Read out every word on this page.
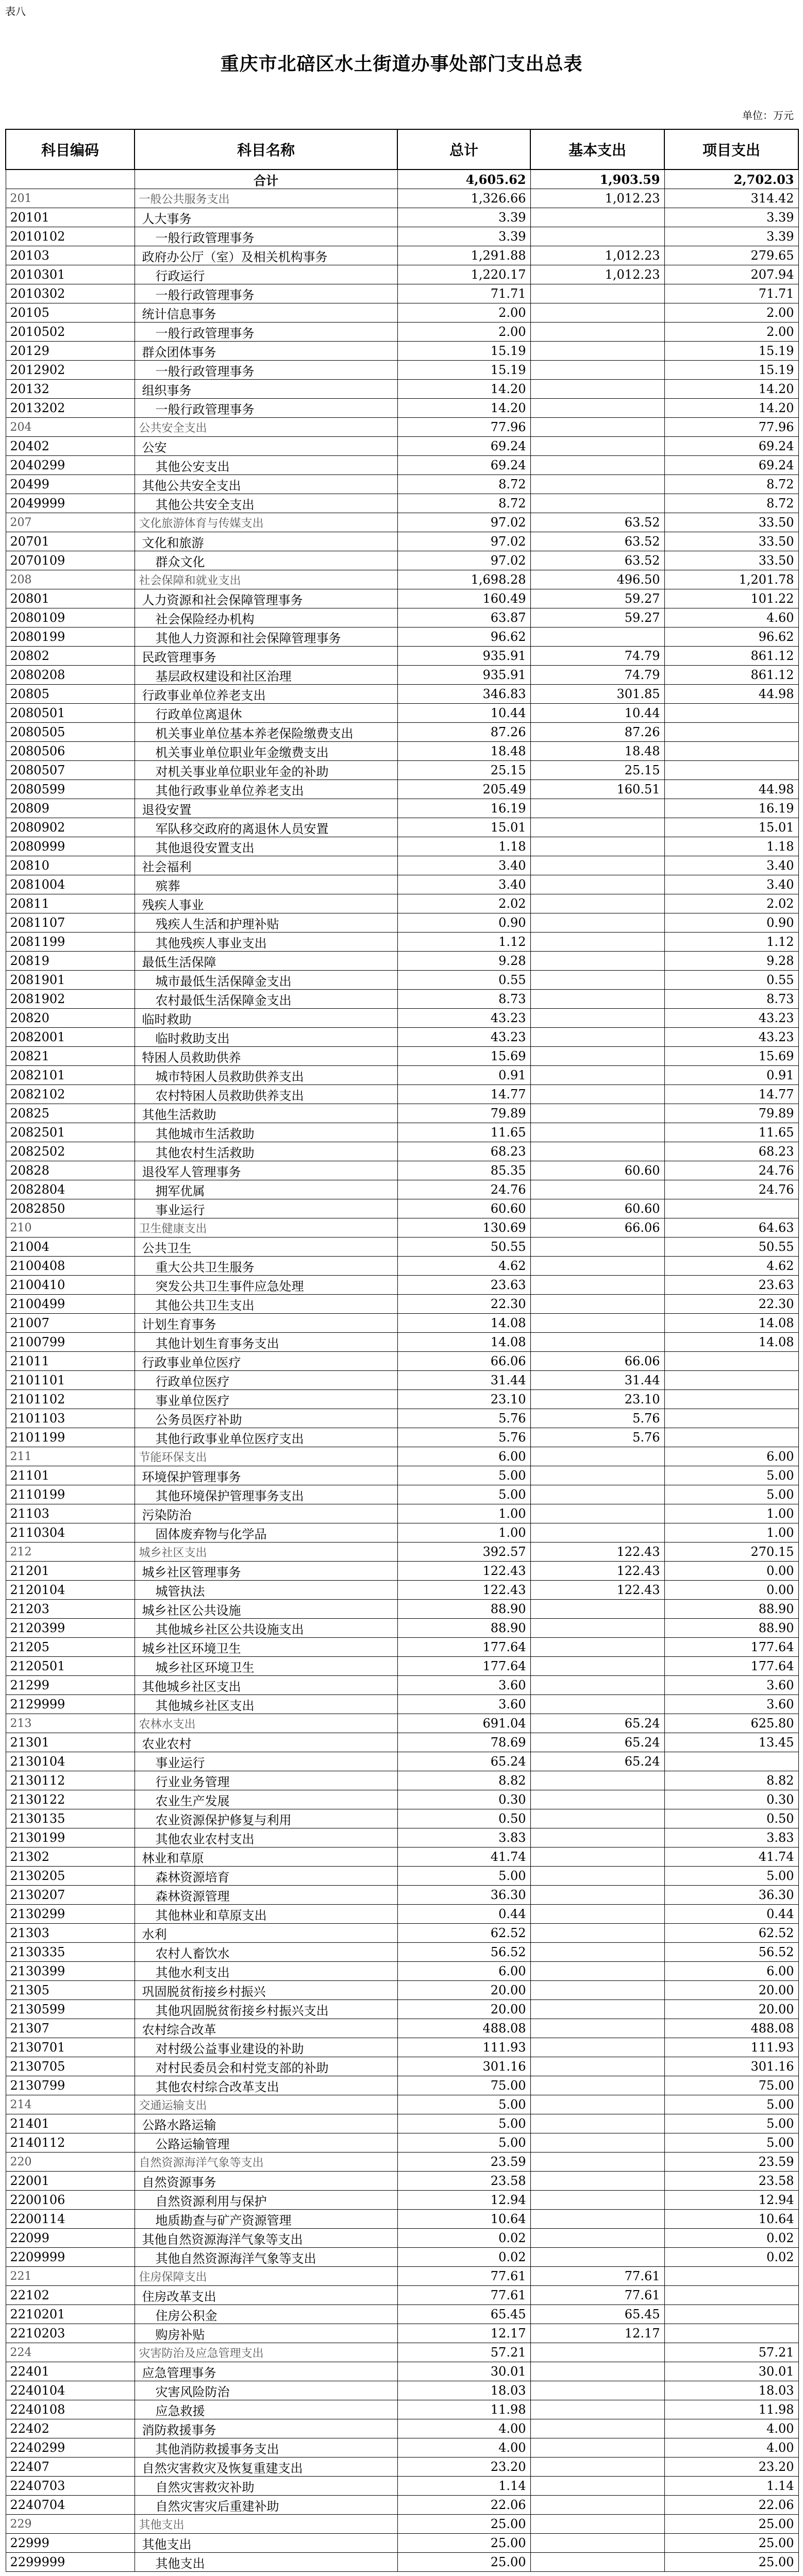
表八
重庆市北碚区水土街道办事处部门支出总表
单位：万元
科目编码	科目名称	总计	基本支出	项目支出
	合计	4,605.62	1,903.59	2,702.03
201	一般公共服务支出	1,326.66	1,012.23	314.42
20101	人大事务	3.39		3.39
2010102	一般行政管理事务	3.39		3.39
20103	政府办公厅（室）及相关机构事务	1,291.88	1,012.23	279.65
2010301	行政运行	1,220.17	1,012.23	207.94
2010302	一般行政管理事务	71.71		71.71
20105	统计信息事务	2.00		2.00
2010502	一般行政管理事务	2.00		2.00
20129	群众团体事务	15.19		15.19
2012902	一般行政管理事务	15.19		15.19
20132	组织事务	14.20		14.20
2013202	一般行政管理事务	14.20		14.20
204	公共安全支出	77.96		77.96
20402	公安	69.24		69.24
2040299	其他公安支出	69.24		69.24
20499	其他公共安全支出	8.72		8.72
2049999	其他公共安全支出	8.72		8.72
207	文化旅游体育与传媒支出	97.02	63.52	33.50
20701	文化和旅游	97.02	63.52	33.50
2070109	群众文化	97.02	63.52	33.50
208	社会保障和就业支出	1,698.28	496.50	1,201.78
20801	人力资源和社会保障管理事务	160.49	59.27	101.22
2080109	社会保险经办机构	63.87	59.27	4.60
2080199	其他人力资源和社会保障管理事务	96.62		96.62
20802	民政管理事务	935.91	74.79	861.12
2080208	基层政权建设和社区治理	935.91	74.79	861.12
20805	行政事业单位养老支出	346.83	301.85	44.98
2080501	行政单位离退休	10.44	10.44	
2080505	机关事业单位基本养老保险缴费支出	87.26	87.26	
2080506	机关事业单位职业年金缴费支出	18.48	18.48	
2080507	对机关事业单位职业年金的补助	25.15	25.15	
2080599	其他行政事业单位养老支出	205.49	160.51	44.98
20809	退役安置	16.19		16.19
2080902	军队移交政府的离退休人员安置	15.01		15.01
2080999	其他退役安置支出	1.18		1.18
20810	社会福利	3.40		3.40
2081004	殡葬	3.40		3.40
20811	残疾人事业	2.02		2.02
2081107	残疾人生活和护理补贴	0.90		0.90
2081199	其他残疾人事业支出	1.12		1.12
20819	最低生活保障	9.28		9.28
2081901	城市最低生活保障金支出	0.55		0.55
2081902	农村最低生活保障金支出	8.73		8.73
20820	临时救助	43.23		43.23
2082001	临时救助支出	43.23		43.23
20821	特困人员救助供养	15.69		15.69
2082101	城市特困人员救助供养支出	0.91		0.91
2082102	农村特困人员救助供养支出	14.77		14.77
20825	其他生活救助	79.89		79.89
2082501	其他城市生活救助	11.65		11.65
2082502	其他农村生活救助	68.23		68.23
20828	退役军人管理事务	85.35	60.60	24.76
2082804	拥军优属	24.76		24.76
2082850	事业运行	60.60	60.60	
210	卫生健康支出	130.69	66.06	64.63
21004	公共卫生	50.55		50.55
2100408	重大公共卫生服务	4.62		4.62
2100410	突发公共卫生事件应急处理	23.63		23.63
2100499	其他公共卫生支出	22.30		22.30
21007	计划生育事务	14.08		14.08
2100799	其他计划生育事务支出	14.08		14.08
21011	行政事业单位医疗	66.06	66.06	
2101101	行政单位医疗	31.44	31.44	
2101102	事业单位医疗	23.10	23.10	
2101103	公务员医疗补助	5.76	5.76	
2101199	其他行政事业单位医疗支出	5.76	5.76	
211	节能环保支出	6.00		6.00
21101	环境保护管理事务	5.00		5.00
2110199	其他环境保护管理事务支出	5.00		5.00
21103	污染防治	1.00		1.00
2110304	固体废弃物与化学品	1.00		1.00
212	城乡社区支出	392.57	122.43	270.15
21201	城乡社区管理事务	122.43	122.43	0.00
2120104	城管执法	122.43	122.43	0.00
21203	城乡社区公共设施	88.90		88.90
2120399	其他城乡社区公共设施支出	88.90		88.90
21205	城乡社区环境卫生	177.64		177.64
2120501	城乡社区环境卫生	177.64		177.64
21299	其他城乡社区支出	3.60		3.60
2129999	其他城乡社区支出	3.60		3.60
213	农林水支出	691.04	65.24	625.80
21301	农业农村	78.69	65.24	13.45
2130104	事业运行	65.24	65.24	
2130112	行业业务管理	8.82		8.82
2130122	农业生产发展	0.30		0.30
2130135	农业资源保护修复与利用	0.50		0.50
2130199	其他农业农村支出	3.83		3.83
21302	林业和草原	41.74		41.74
2130205	森林资源培育	5.00		5.00
2130207	森林资源管理	36.30		36.30
2130299	其他林业和草原支出	0.44		0.44
21303	水利	62.52		62.52
2130335	农村人畜饮水	56.52		56.52
2130399	其他水利支出	6.00		6.00
21305	巩固脱贫衔接乡村振兴	20.00		20.00
2130599	其他巩固脱贫衔接乡村振兴支出	20.00		20.00
21307	农村综合改革	488.08		488.08
2130701	对村级公益事业建设的补助	111.93		111.93
2130705	对村民委员会和村党支部的补助	301.16		301.16
2130799	其他农村综合改革支出	75.00		75.00
214	交通运输支出	5.00		5.00
21401	公路水路运输	5.00		5.00
2140112	公路运输管理	5.00		5.00
220	自然资源海洋气象等支出	23.59		23.59
22001	自然资源事务	23.58		23.58
2200106	自然资源利用与保护	12.94		12.94
2200114	地质勘查与矿产资源管理	10.64		10.64
22099	其他自然资源海洋气象等支出	0.02		0.02
2209999	其他自然资源海洋气象等支出	0.02		0.02
221	住房保障支出	77.61	77.61	
22102	住房改革支出	77.61	77.61	
2210201	住房公积金	65.45	65.45	
2210203	购房补贴	12.17	12.17	
224	灾害防治及应急管理支出	57.21		57.21
22401	应急管理事务	30.01		30.01
2240104	灾害风险防治	18.03		18.03
2240108	应急救援	11.98		11.98
22402	消防救援事务	4.00		4.00
2240299	其他消防救援事务支出	4.00		4.00
22407	自然灾害救灾及恢复重建支出	23.20		23.20
2240703	自然灾害救灾补助	1.14		1.14
2240704	自然灾害灾后重建补助	22.06		22.06
229	其他支出	25.00		25.00
22999	其他支出	25.00		25.00
2299999	其他支出	25.00		25.00
